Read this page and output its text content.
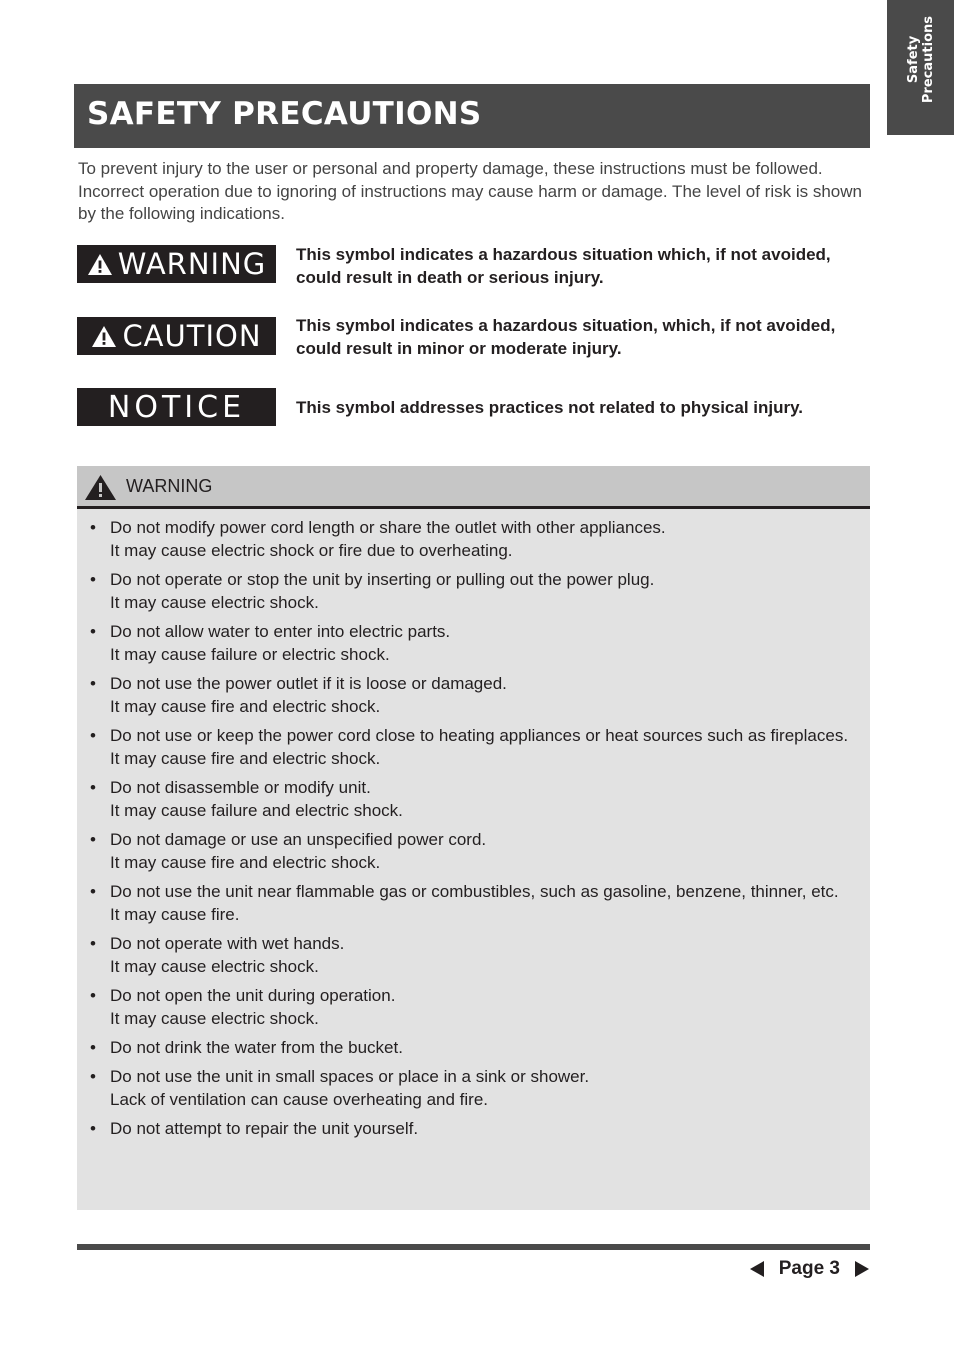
Safety
Precautions
SAFETY PRECAUTIONS

To prevent injury to the user or personal and property damage, these instructions must be followed. Incorrect operation due to ignoring of instructions may cause harm or damage. The level of risk is shown by the following indications.

WARNING This symbol indicates a hazardous situation which, if not avoided, could result in death or serious injury.

CAUTION This symbol indicates a hazardous situation, which, if not avoided, could result in minor or moderate injury.

NOTICE	This symbol addresses practices not related to physical injury.

WARNING
• Do not modify power cord length or share the outlet with other appliances.
It may cause electric shock or fire due to overheating.
• Do not operate or stop the unit by inserting or pulling out the power plug.
It may cause electric shock.
• Do not allow water to enter into electric parts.
It may cause failure or electric shock.
• Do not use the power outlet if it is loose or damaged.
It may cause fire and electric shock.
• Do not use or keep the power cord close to heating appliances or heat sources such as fireplaces.
It may cause fire and electric shock.
• Do not disassemble or modify unit.
It may cause failure and electric shock.
• Do not damage or use an unspecified power cord.
It may cause fire and electric shock.
• Do not use the unit near flammable gas or combustibles, such as gasoline, benzene, thinner, etc.
It may cause fire.
• Do not operate with wet hands.
It may cause electric shock.
• Do not open the unit during operation.
It may cause electric shock.
• Do not drink the water from the bucket.
• Do not use the unit in small spaces or place in a sink or shower.
Lack of ventilation can cause overheating and fire.
• Do not attempt to repair the unit yourself.
Page 3
